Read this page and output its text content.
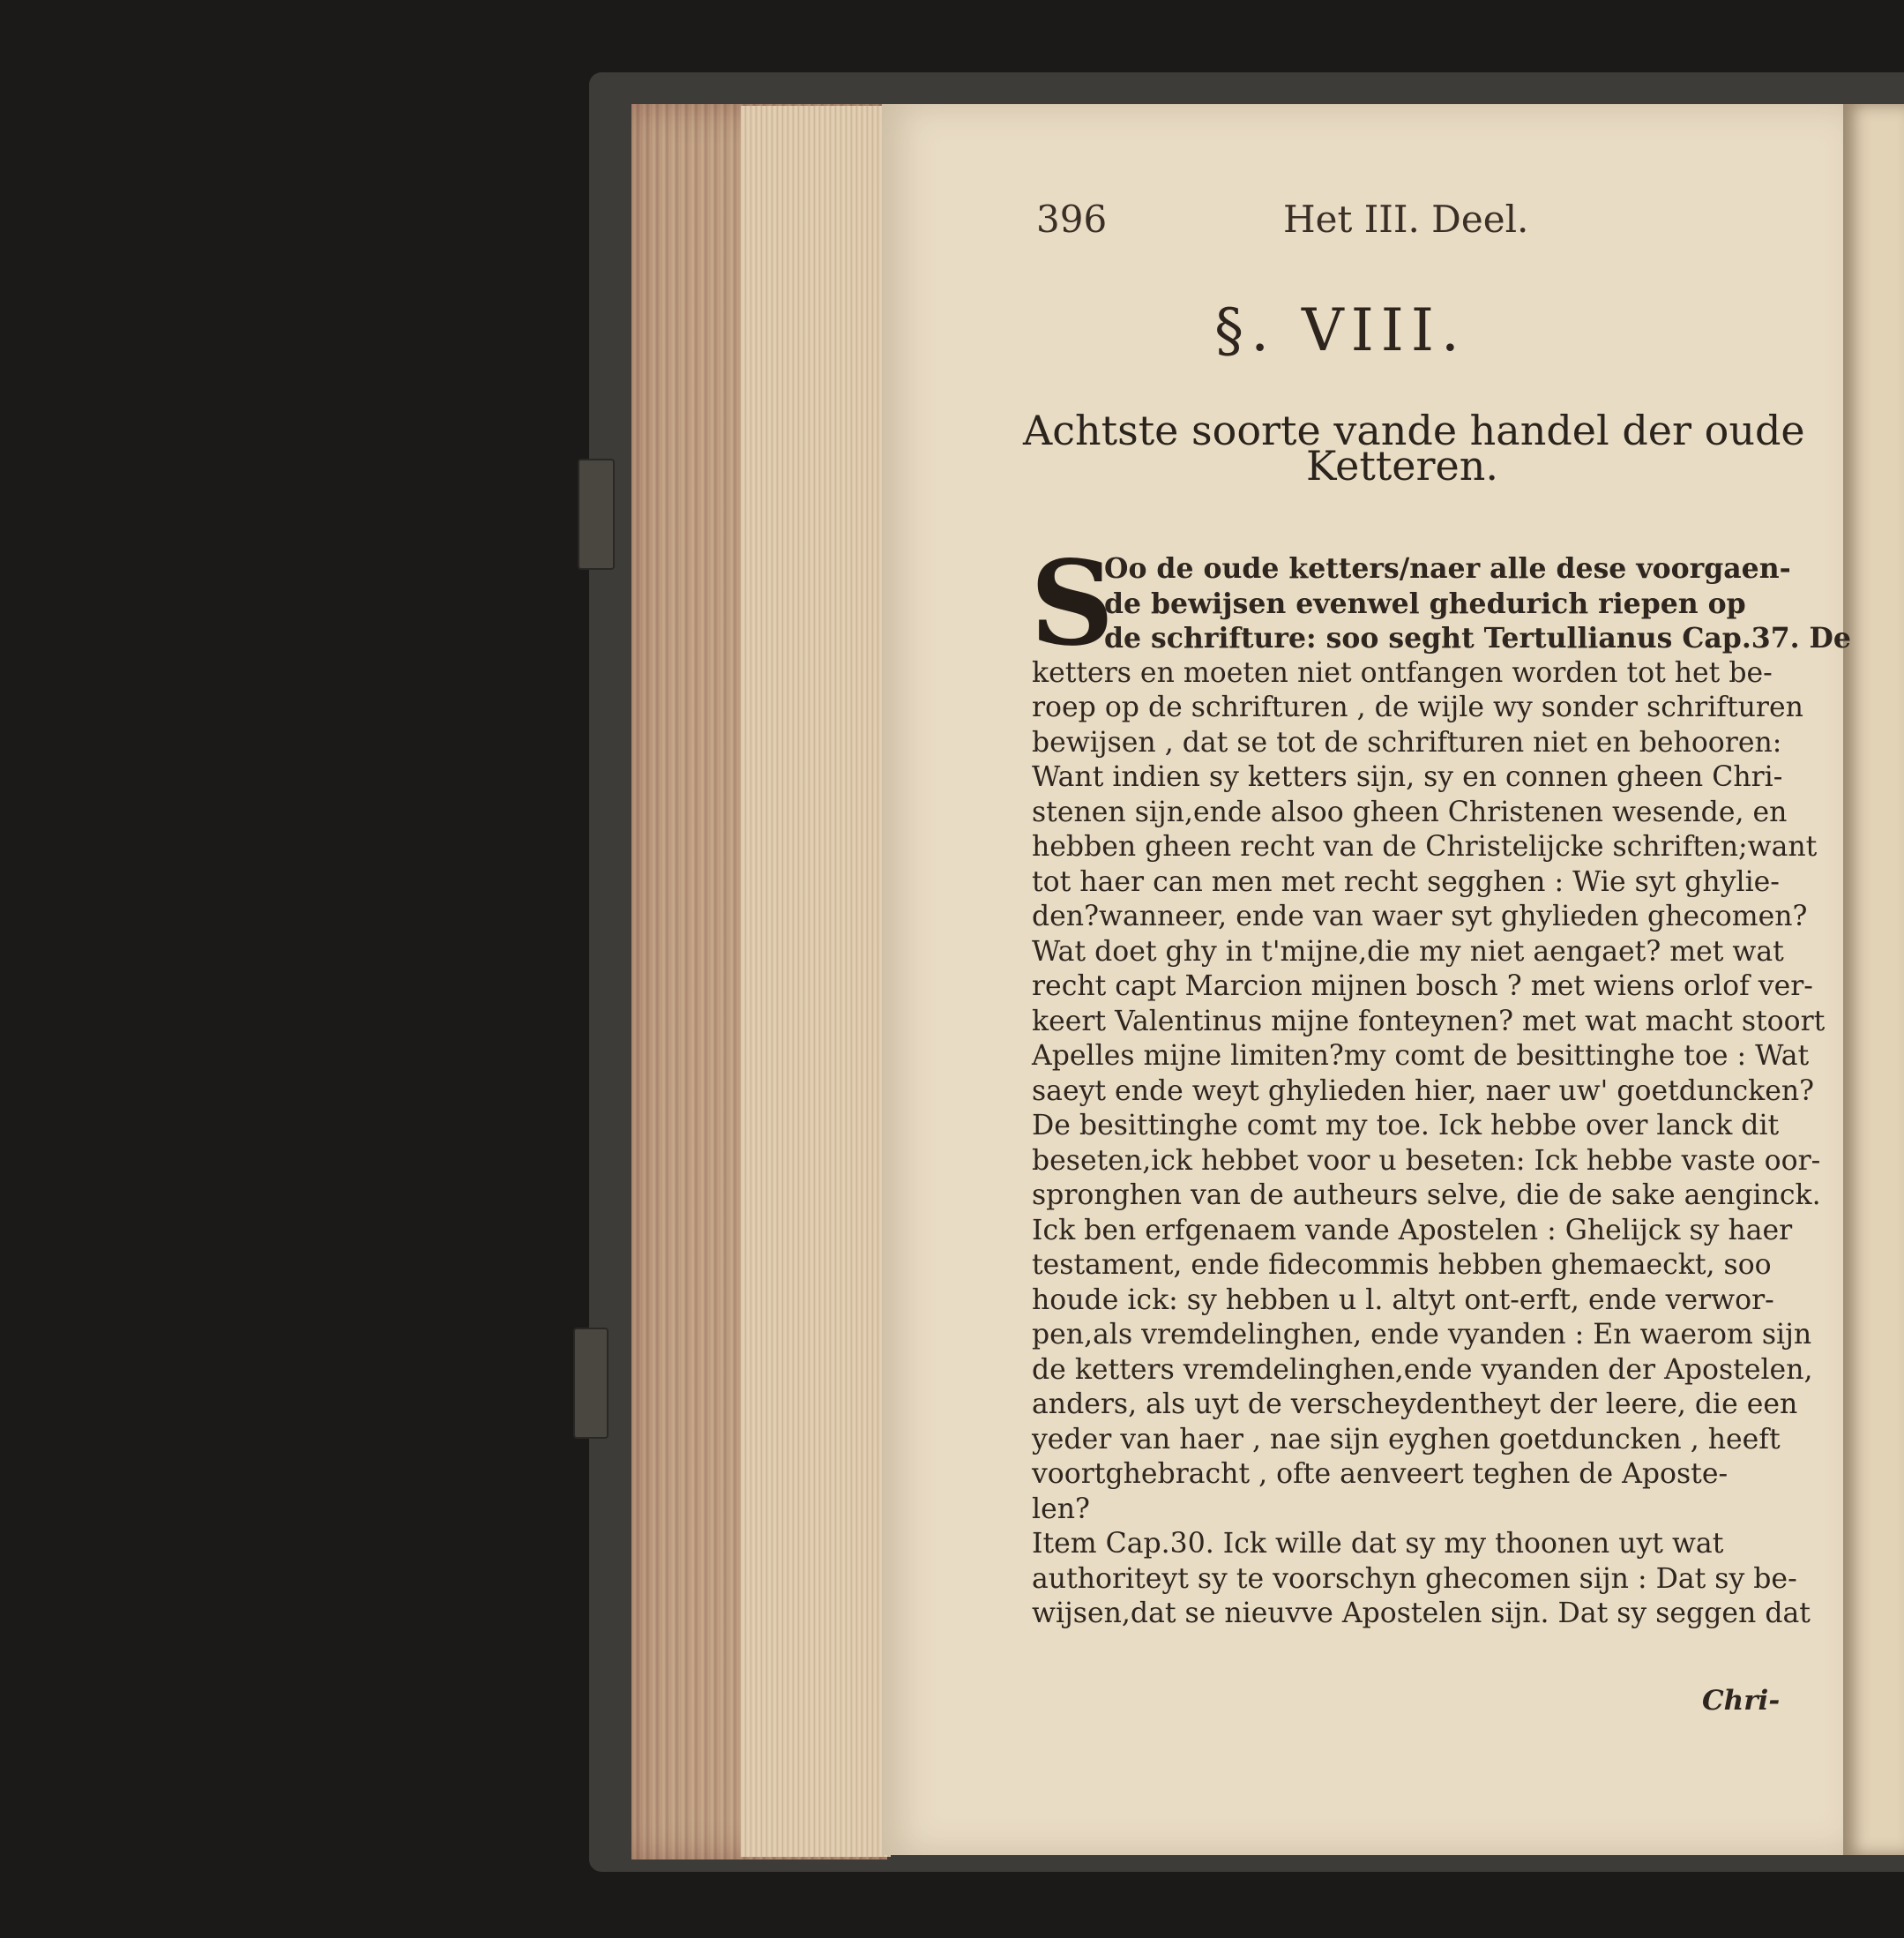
396	Het III. Deel.
§. VIII.
Achtste soorte vande handel der oude
Ketteren.
S
Oo de oude ketters/naer alle dese voorgaen-
de bewijsen evenwel ghedurich riepen op
de schrifture: soo seght Tertullianus Cap.37. De
ketters en moeten niet ontfangen worden tot het be-
roep op de schrifturen , de wijle wy sonder schrifturen
bewijsen , dat se tot de schrifturen niet en behooren:
Want indien sy ketters sijn, sy en connen gheen Chri-
stenen sijn,ende alsoo gheen Christenen wesende, en
hebben gheen recht van de Christelijcke schriften;want
tot haer can men met recht segghen : Wie syt ghylie-
den?wanneer, ende van waer syt ghylieden ghecomen?
Wat doet ghy in t'mijne,die my niet aengaet? met wat
recht capt Marcion mijnen bosch ? met wiens orlof ver-
keert Valentinus mijne fonteynen? met wat macht stoort
Apelles mijne limiten?my comt de besittinghe toe : Wat
saeyt ende weyt ghylieden hier, naer uw' goetduncken?
De besittinghe comt my toe. Ick hebbe over lanck dit
beseten,ick hebbet voor u beseten: Ick hebbe vaste oor-
spronghen van de autheurs selve, die de sake aenginck.
Ick ben erfgenaem vande Apostelen : Ghelijck sy haer
testament, ende fidecommis hebben ghemaeckt, soo
houde ick: sy hebben u l. altyt ont-erft, ende verwor-
pen,als vremdelinghen, ende vyanden : En waerom sijn
de ketters vremdelinghen,ende vyanden der Apostelen,
anders, als uyt de verscheydentheyt der leere, die een
yeder van haer , nae sijn eyghen goetduncken , heeft
voortghebracht , ofte aenveert teghen de Aposte-
len?
Item Cap.30. Ick wille dat sy my thoonen uyt wat
authoriteyt sy te voorschyn ghecomen sijn : Dat sy be-
wijsen,dat se nieuvve Apostelen sijn. Dat sy seggen dat
Chri-
